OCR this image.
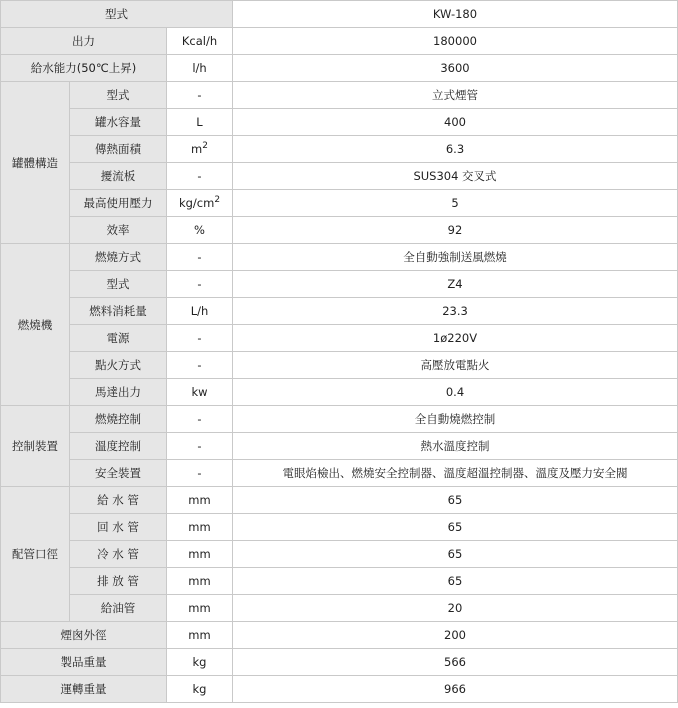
型式			KW-180
出力		Kcal/h	180000
給水能力(50℃上昇)		l/h	3600
罐體構造	型式	-	立式煙管
	罐水容量	L	400
	傳熱面積	$m^2$	6.3
	擾流板	-	SUS304 交叉式
	最高使用壓力	$kg/cm^2$	5
	效率	%	92
燃燒機	燃燒方式	-	全自動強制送風燃燒
	型式	-	Z4
	燃料消耗量	L/h	23.3
	電源	-	1ø220V
	點火方式	-	高壓放電點火
	馬達出力	kw	0.4
控制裝置	燃燒控制	-	全自動燒燃控制
	溫度控制	-	熱水溫度控制
	安全裝置	-	電眼焰檢出、燃燒安全控制器、溫度超溫控制器、溫度及壓力安全閥
配管口徑	給 水 管	mm	65
	回 水 管	mm	65
	冷 水 管	mm	65
	排 放 管	mm	65
	給油管	mm	20
煙囪外徑		mm	200
製品重量		kg	566
運轉重量		kg	966
